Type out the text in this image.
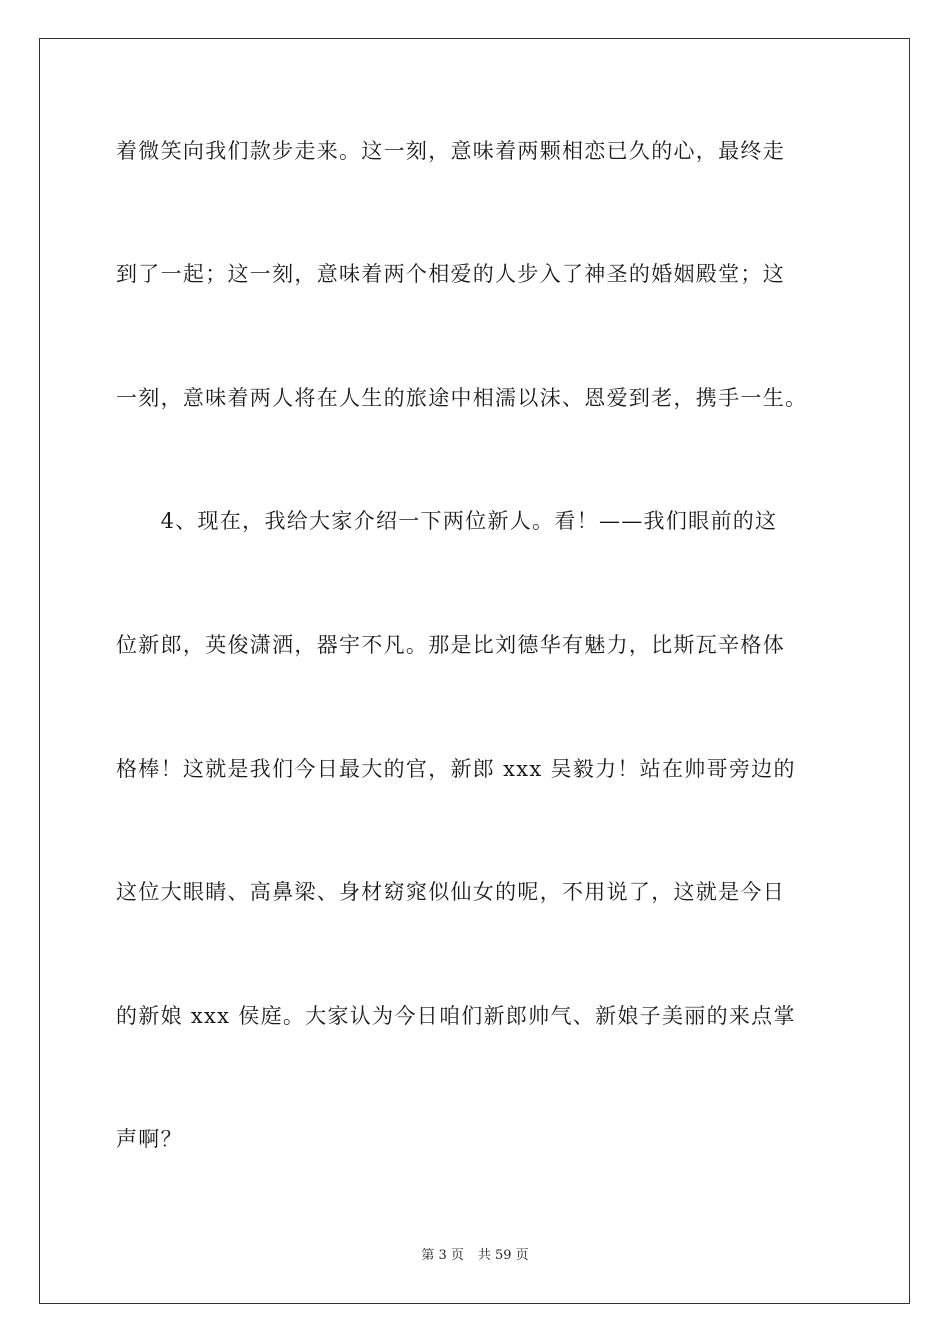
着微笑向我们款步走来。这一刻，意味着两颗相恋已久的心，最终走
到了一起；这一刻，意味着两个相爱的人步入了神圣的婚姻殿堂；这
一刻，意味着两人将在人生的旅途中相濡以沫、恩爱到老，携手一生。
　　4、现在，我给大家介绍一下两位新人。看！——我们眼前的这
位新郎，英俊潇洒，器宇不凡。那是比刘德华有魅力，比斯瓦辛格体
格棒！这就是我们今日最大的官，新郎 xxx 吴毅力！站在帅哥旁边的
这位大眼睛、高鼻梁、身材窈窕似仙女的呢，不用说了，这就是今日
的新娘 xxx 侯庭。大家认为今日咱们新郎帅气、新娘子美丽的来点掌
声啊？
第 3 页 共 59 页
